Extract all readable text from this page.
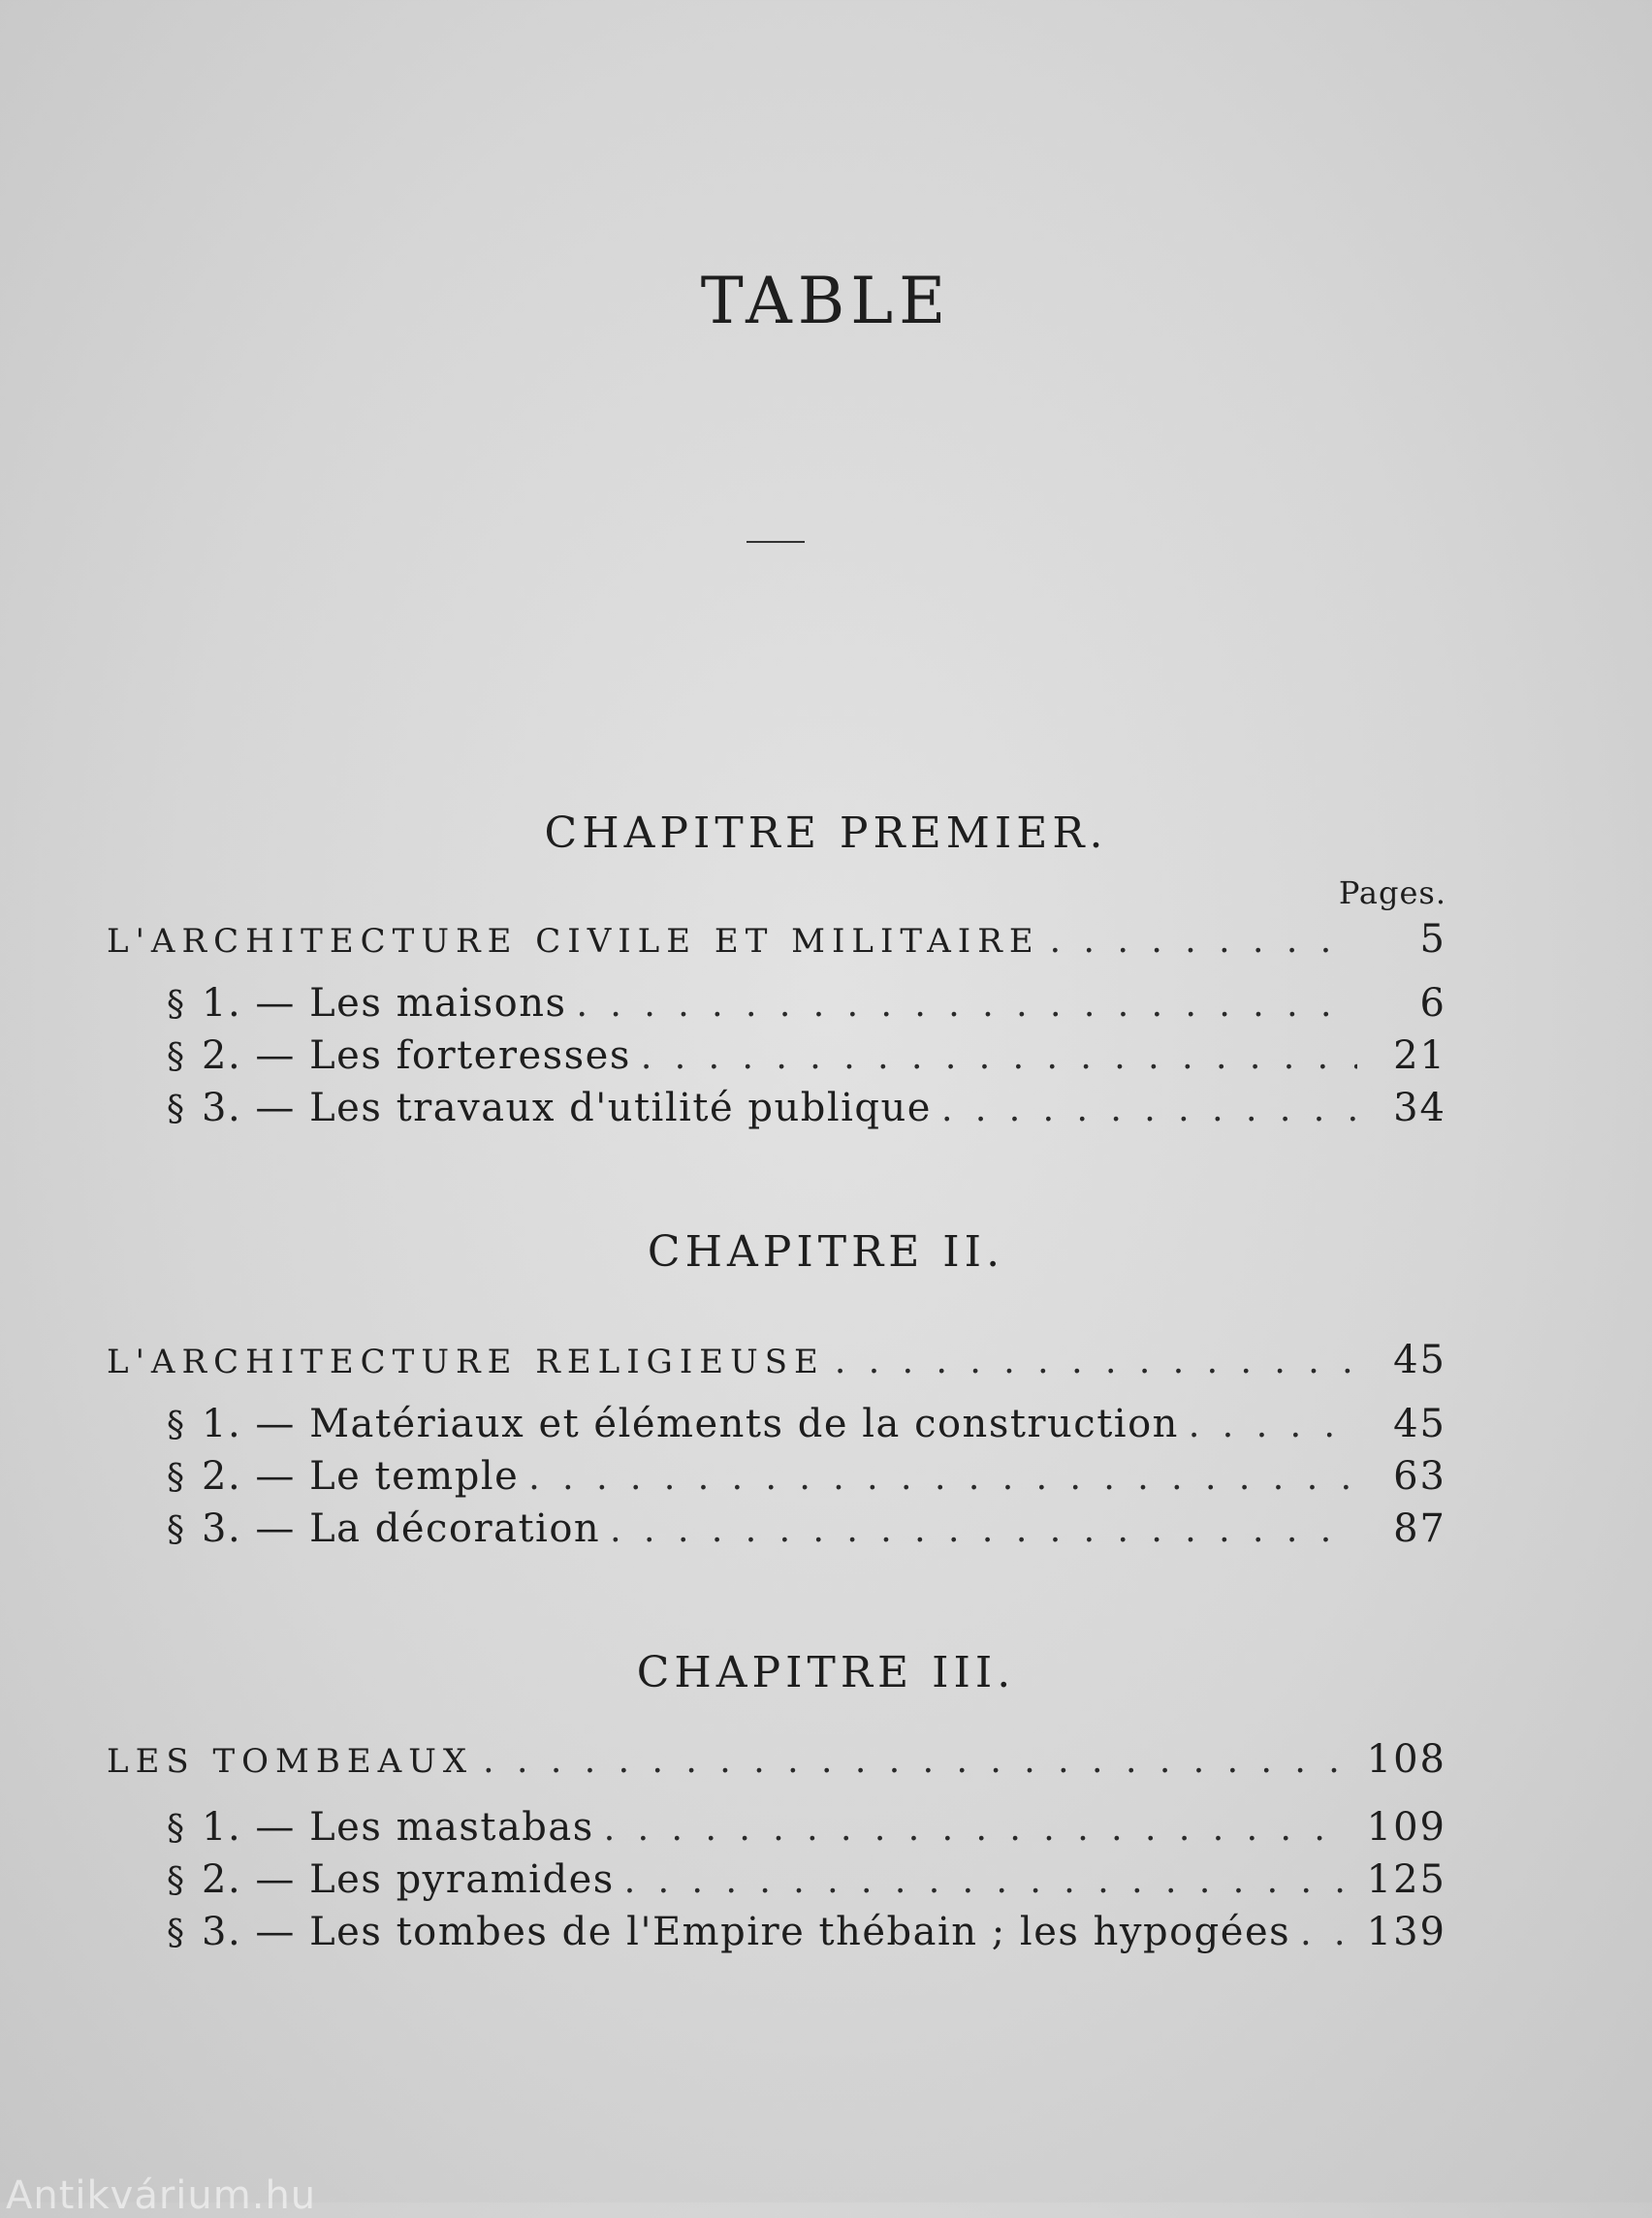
TABLE
CHAPITRE PREMIER.
Pages.
L'ARCHITECTURE CIVILE ET MILITAIRE . . .	5
§ 1. — Les maisons . . .	6
§ 2. — Les forteresses . . .	21
§ 3. — Les travaux d'utilité publique . . .	34
CHAPITRE II.
L'ARCHITECTURE RELIGIEUSE . . .	45
§ 1. — Matériaux et éléments de la construction . . .	45
§ 2. — Le temple . . .	63
§ 3. — La décoration . . .	87
CHAPITRE III.
LES TOMBEAUX . . .	108
§ 1. — Les mastabas . . .	109
§ 2. — Les pyramides . . .	125
§ 3. — Les tombes de l'Empire thébain ; les hypogées . . . 139
Antikvárium.hu
